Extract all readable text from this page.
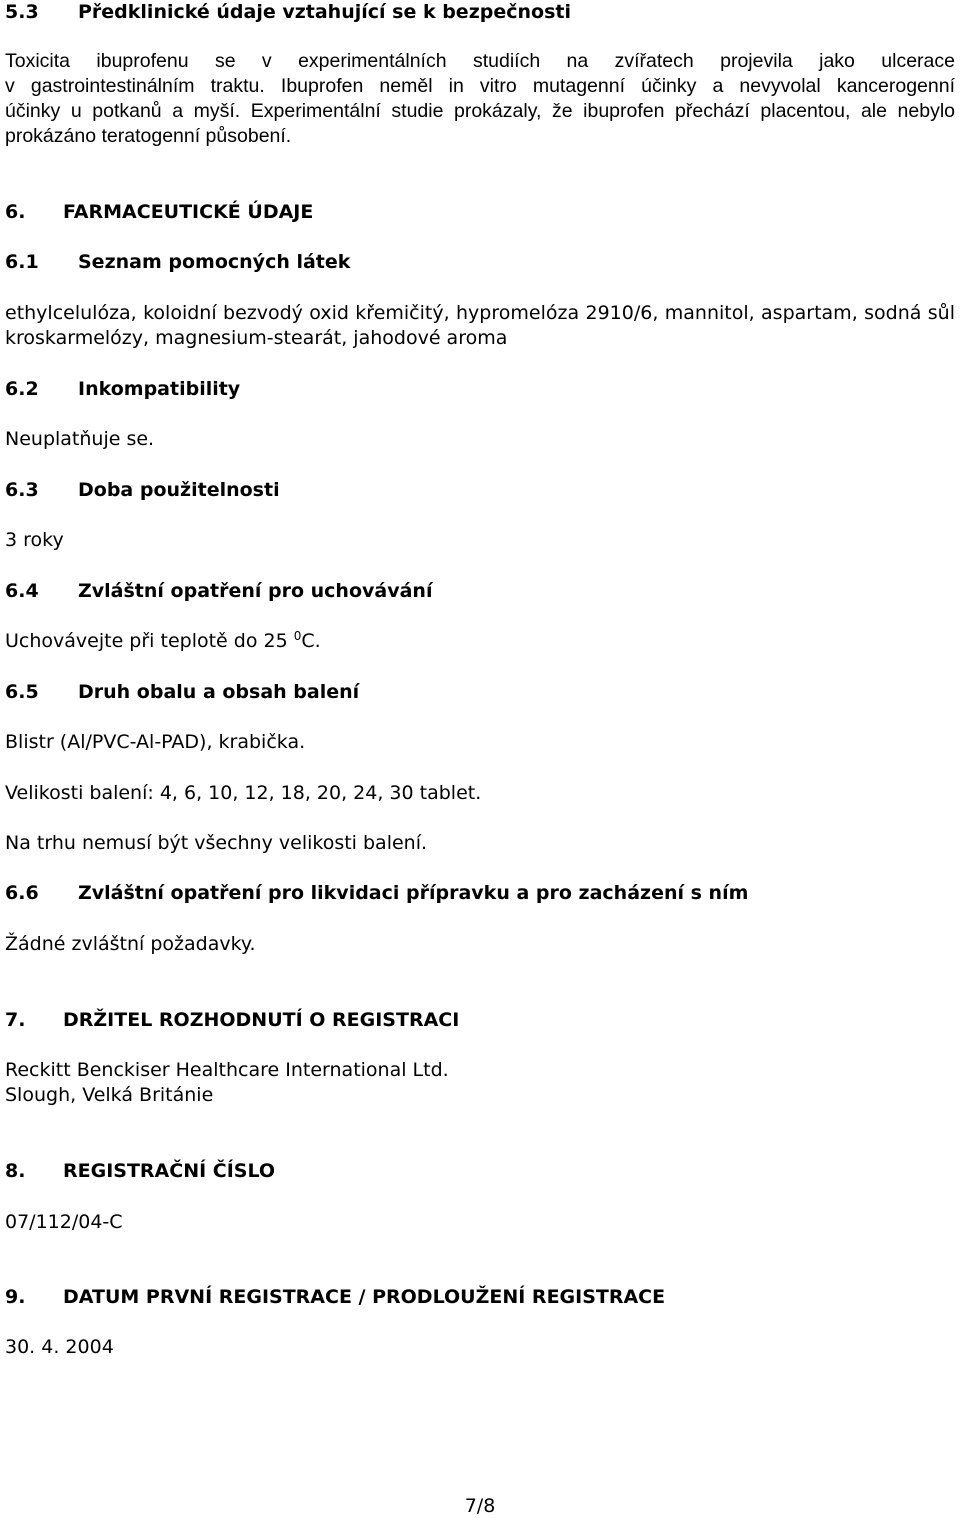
5.3 Předklinické údaje vztahující se k bezpečnosti
Toxicita ibuprofenu se v experimentálních studiích na zvířatech projevila jako ulcerace
v gastrointestinálním traktu. Ibuprofen neměl in vitro mutagenní účinky a nevyvolal kancerogenní
účinky u potkanů a myší. Experimentální studie prokázaly, že ibuprofen přechází placentou, ale nebylo
prokázáno teratogenní působení.
6. FARMACEUTICKÉ ÚDAJE
6.1 Seznam pomocných látek
ethylcelulóza, koloidní bezvodý oxid křemičitý, hypromelóza 2910/6, mannitol, aspartam, sodná sůl
kroskarmelózy, magnesium-stearát, jahodové aroma
6.2 Inkompatibility
Neuplatňuje se.
6.3 Doba použitelnosti
3 roky
6.4 Zvláštní opatření pro uchovávání
Uchovávejte při teplotě do 25 $^0$C.
6.5 Druh obalu a obsah balení
Blistr (Al/PVC-Al-PAD), krabička.
Velikosti balení: 4, 6, 10, 12, 18, 20, 24, 30 tablet.
Na trhu nemusí být všechny velikosti balení.
6.6 Zvláštní opatření pro likvidaci přípravku a pro zacházení s ním
Žádné zvláštní požadavky.
7. DRŽITEL ROZHODNUTÍ O REGISTRACI
Reckitt Benckiser Healthcare International Ltd.
Slough, Velká Británie
8. REGISTRAČNÍ ČÍSLO
07/112/04-C
9. DATUM PRVNÍ REGISTRACE / PRODLOUŽENÍ REGISTRACE
30. 4. 2004
7/8
